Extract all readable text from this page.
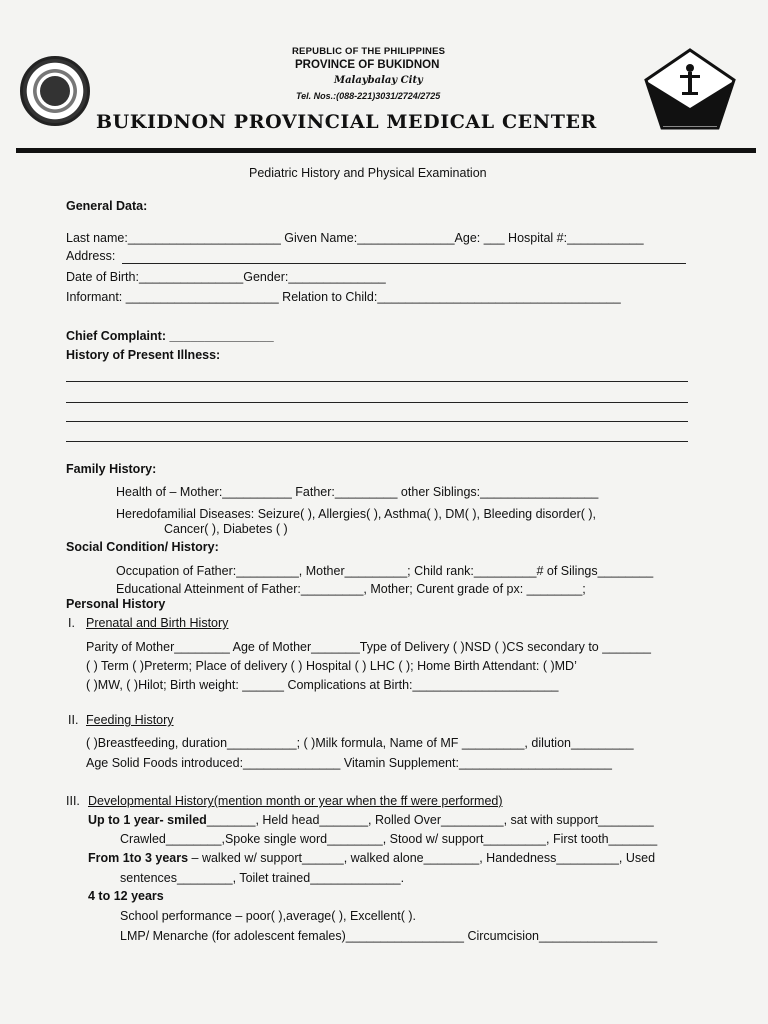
REPUBLIC OF THE PHILIPPINES
PROVINCE OF BUKIDNON
Malaybalay City
Tel. Nos.:(088-221)3031/2724/2725
BUKIDNON PROVINCIAL MEDICAL CENTER
Pediatric History and Physical Examination
General Data:
Last name:______________________ Given Name:______________Age: ___ Hospital #:___________
Address:
Date of Birth:_______________Gender:______________
Informant: ______________________ Relation to Child:___________________________________
Chief Complaint: _______________
History of Present Illness:
Family History:
Health of – Mother:__________ Father:_________ other Siblings:_________________
Heredofamilial Diseases: Seizure( ), Allergies( ), Asthma( ), DM( ), Bleeding disorder( ),
Cancer( ), Diabetes ( )
Social Condition/ History:
Occupation of Father:_________, Mother_________; Child rank:_________# of Silings________
Educational Atteinment of Father:_________, Mother; Curent grade of px: ________;
Personal History
I. Prenatal and Birth History
Parity of Mother________ Age of Mother_______Type of Delivery ( )NSD ( )CS secondary to _______
( ) Term ( )Preterm; Place of delivery ( ) Hospital ( ) LHC ( ); Home Birth Attendant: ( )MD’
( )MW, ( )Hilot; Birth weight: ______ Complications at Birth:_____________________
II. Feeding History
( )Breastfeeding, duration__________; ( )Milk formula, Name of MF _________, dilution_________
Age Solid Foods introduced:______________ Vitamin Supplement:______________________
III. Developmental History(mention month or year when the ff were performed)
Up to 1 year- smiled_______, Held head_______, Rolled Over_________, sat with support________
Crawled________,Spoke single word________, Stood w/ support_________, First tooth_______
From 1to 3 years – walked w/ support______, walked alone________, Handedness_________, Used
sentences________, Toilet trained_____________.
4 to 12 years
School performance – poor( ),average( ), Excellent( ).
LMP/ Menarche (for adolescent females)_________________ Circumcision_________________
